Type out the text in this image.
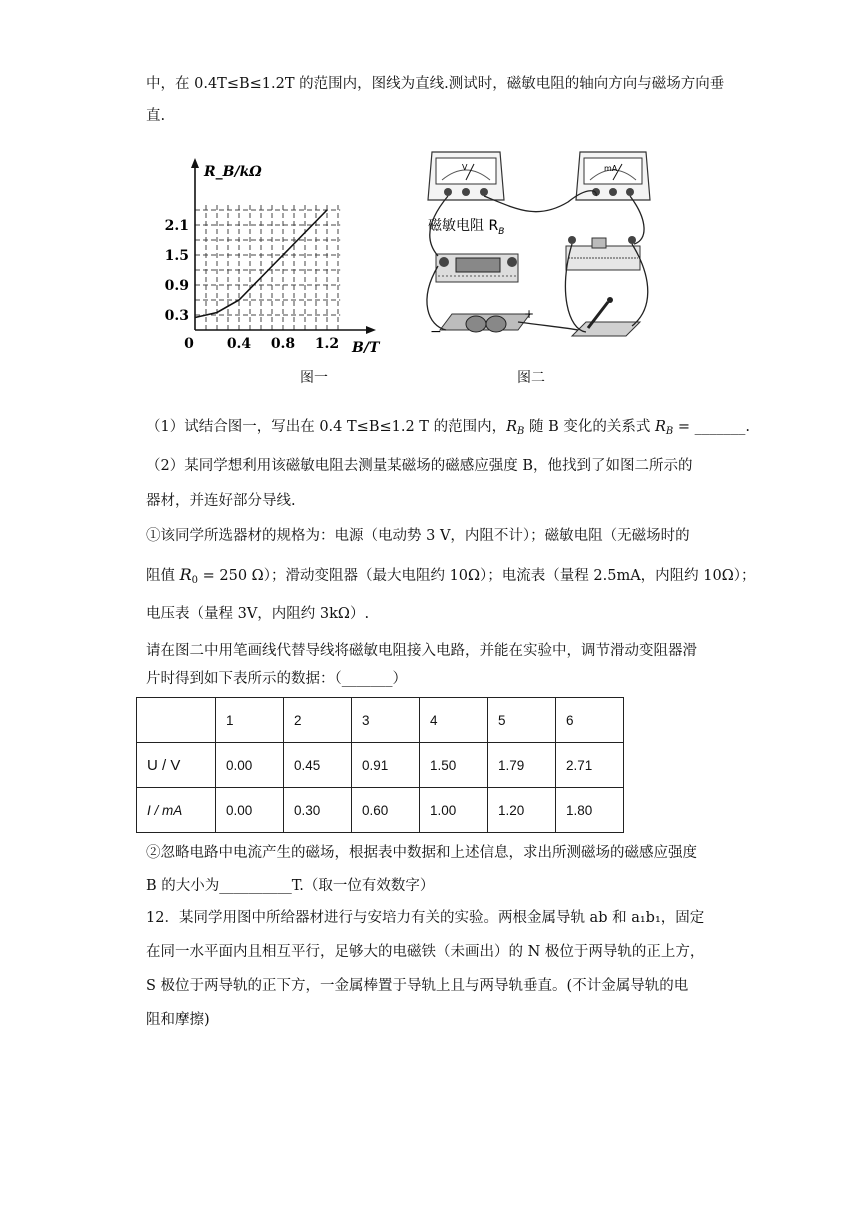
中，在 0.4T≤B≤1.2T 的范围内，图线为直线.测试时，磁敏电阻的轴向方向与磁场方向垂
直.
0 0.4 0.8 1.2
0.3
0.9
1.5
2.1
R_B/kΩ
B/T
图一
V	mA
磁敏电阻 $R_B$
−
+
图二
（1）试结合图一，写出在 0.4 T≤B≤1.2 T 的范围内，$R_B$ 随 B 变化的关系式 $R_B$ = _______.
（2）某同学想利用该磁敏电阻去测量某磁场的磁感应强度 B，他找到了如图二所示的
器材，并连好部分导线.
①该同学所选器材的规格为：电源（电动势 3 V，内阻不计）；磁敏电阻（无磁场时的
阻值 $R_0 = 250$ Ω）；滑动变阻器（最大电阻约 10Ω）；电流表（量程 2.5mA，内阻约 10Ω）；
电压表（量程 3V，内阻约 3kΩ）.
请在图二中用笔画线代替导线将磁敏电阻接入电路，并能在实验中，调节滑动变阻器滑
片时得到如下表所示的数据：（_______）
	1	2	3	4	5	6
U / V	0.00	0.45	0.91	1.50	1.79	2.71
I / mA	0.00	0.30	0.60	1.00	1.20	1.80
②忽略电路中电流产生的磁场，根据表中数据和上述信息，求出所测磁场的磁感应强度
B 的大小为__________T.（取一位有效数字）
12．某同学用图中所给器材进行与安培力有关的实验。两根金属导轨 ab 和 a₁b₁，固定
在同一水平面内且相互平行，足够大的电磁铁（未画出）的 N 极位于两导轨的正上方，
S 极位于两导轨的正下方，一金属棒置于导轨上且与两导轨垂直。(不计金属导轨的电
阻和摩擦)
